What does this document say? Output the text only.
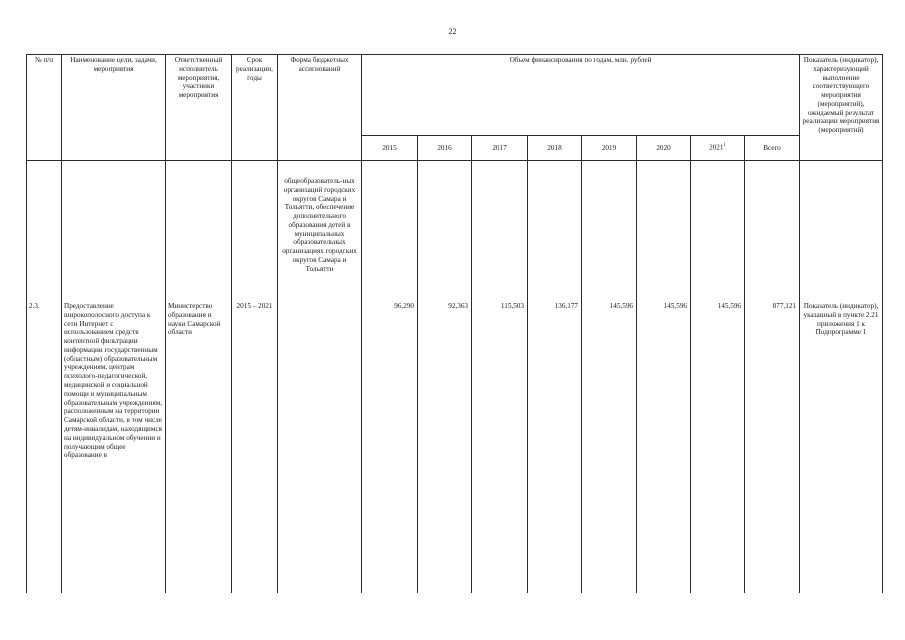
22
№ п/п	Наименование цели, задачи, мероприятия	Ответственный исполнитель мероприятия, участники мероприятия	Срок реализации, годы	Форма бюджетных ассигнований	Объем финансирования по годам, млн. рублей								Показатель (индикатор), характеризующий выполнение соответствующего мероприятия (мероприятий), ожидаемый результат реализации мероприятия (мероприятий)
					2015	2016	2017	2018	2019	2020	2021$^1$	Всего	
				общеобразователь-ных организаций городских округов Самара и Тольятти, обеспечение дополнительного образования детей в муниципальных образовательных организациях городских округов Самара и Тольятти									
2.3.	Предоставление широкополосного доступа к сети Интернет с использованием средств контентной фильтрации информации государственным (областным) образовательным учреждениям, центрам психолого-педагогической, медицинской и социальной помощи и муниципальным образовательным учреждениям, расположенным на территории Самарской области, в том числе детям-инвалидам, находящимся на индивидуальном обучении и получающим общее образование в	Министерство образования и науки Самарской области	2015 – 2021		96,290	92,363	115,503	136,177	145,596	145,596	145,596	877,121	Показатель (индикатор), указанный в пункте 2.21 приложения 1 к Подпрограмме 1
